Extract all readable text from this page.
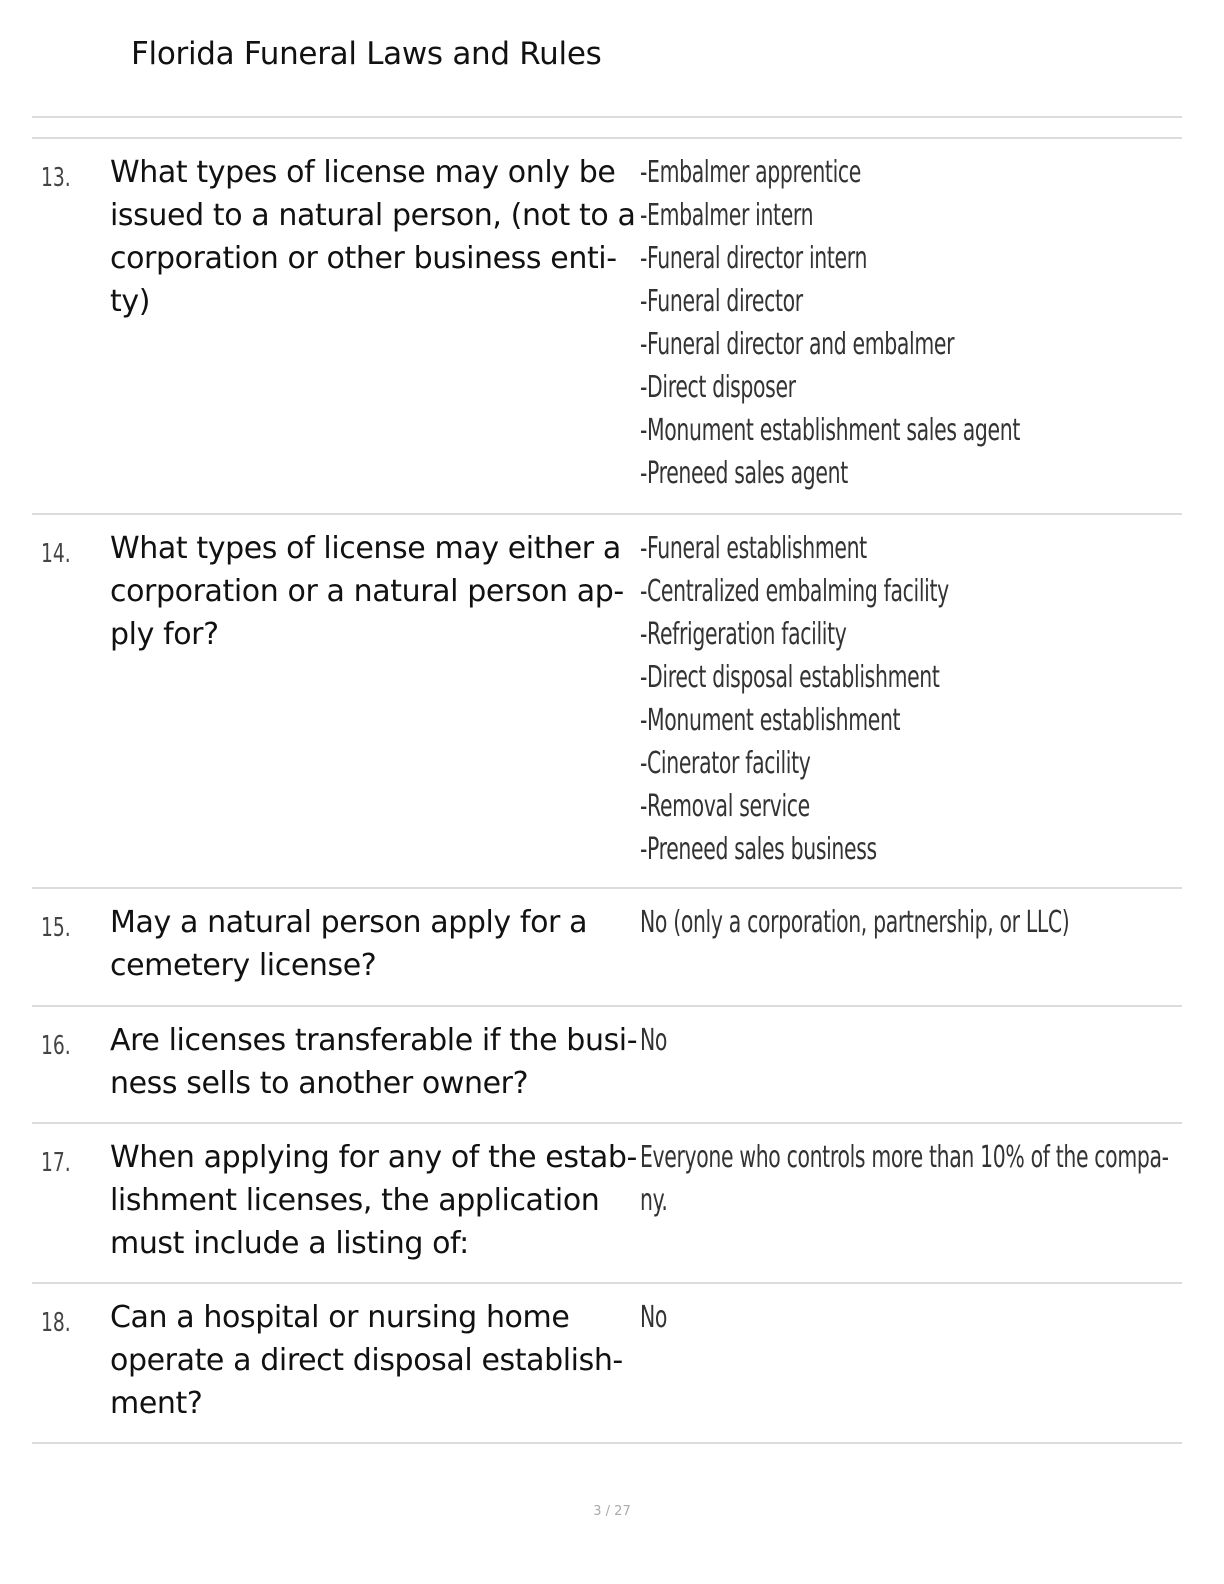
Florida Funeral Laws and Rules
13. What types of license may only be
issued to a natural person, (not to a
corporation or other business enti-
ty)
-Embalmer apprentice
-Embalmer intern
-Funeral director intern
-Funeral director
-Funeral director and embalmer
-Direct disposer
-Monument establishment sales agent
-Preneed sales agent
14. What types of license may either a
corporation or a natural person ap-
ply for?
-Funeral establishment
-Centralized embalming facility
-Refrigeration facility
-Direct disposal establishment
-Monument establishment
-Cinerator facility
-Removal service
-Preneed sales business
15. May a natural person apply for a
cemetery license?
No (only a corporation, partnership, or LLC)
16. Are licenses transferable if the busi-
ness sells to another owner?
No
17. When applying for any of the estab-
lishment licenses, the application
must include a listing of:
Everyone who controls more than 10% of the compa-
ny.
18. Can a hospital or nursing home
operate a direct disposal establish-
ment?
No
3 / 27
